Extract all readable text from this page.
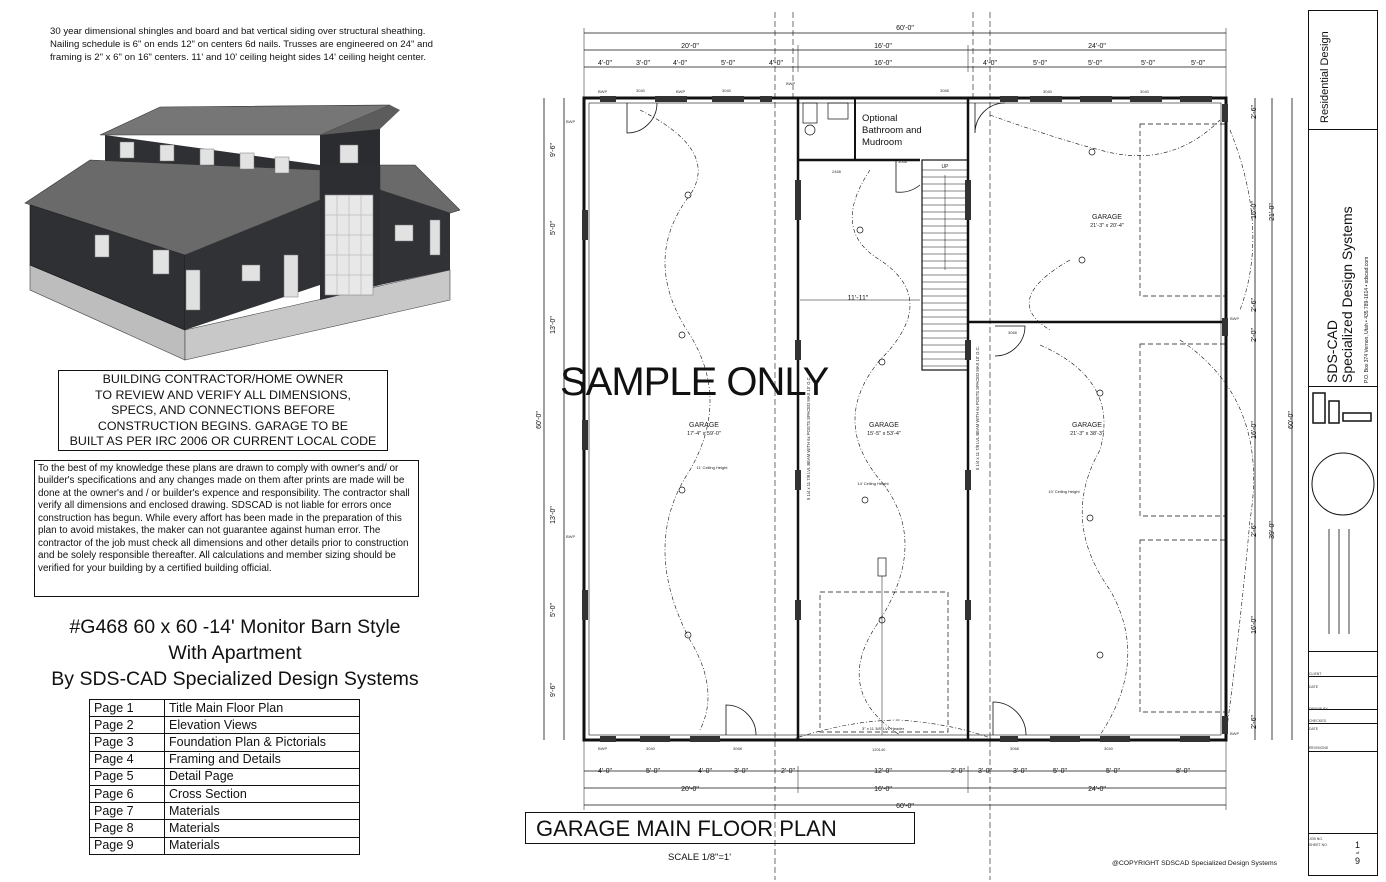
30 year dimensional shingles and board and bat vertical siding over structural sheathing. Nailing schedule is 6" on ends 12" on centers 6d nails. Trusses are engineered on 24" and framing is 2" x 6" on 16" centers. 11' and 10' ceiling height sides 14' ceiling height center.
BUILDING CONTRACTOR/HOME OWNER
TO REVIEW AND VERIFY ALL DIMENSIONS,
SPECS, AND CONNECTIONS BEFORE
CONSTRUCTION BEGINS. GARAGE TO BE
BUILT AS PER IRC 2006 OR CURRENT LOCAL CODE
To the best of my knowledge these plans are drawn to comply with owner's and/ or builder's specifications and any changes made on them after prints are made will be done at the owner's and / or builder's expence and responsibility. The contractor shall verify all dimensions and enclosed drawing. SDSCAD is not liable for errors once construction has begun. While every affort has been made in the preparation of this plan to avoid mistakes, the maker can not guarantee against human error. The contractor of the job must check all dimensions and other details prior to construction and be solely responsible thereafter. All calculations and member sizing should be verified for your building by a certified building official.
#G468 60 x 60 -14' Monitor Barn Style
With Apartment
By SDS-CAD Specialized Design Systems
Page 1	Title Main Floor Plan
Page 2	Elevation Views
Page 3	Foundation Plan & Pictorials
Page 4	Framing and Details
Page 5	Detail Page
Page 6	Cross Section
Page 7	Materials
Page 8	Materials
Page 9	Materials
60'-0"
20'-0"	16'-0"	24'-0"
4'-0"	3'-0"	4'-0"	5'-0"	4'-0"	16'-0"	4'-0"	5'-0"	5'-0"	5'-0"	5'-0"
4'-0"	5'-0"	4'-0"	3'-0"	2'-0"	12'-0"	2'-0" 3'-0"	3'-0"	5'-0"	5'-0"	8'-0"
20'-0"	16'-0"	24'-0"
60'-0"
60'-0"
9'-6"
5'-0"
13'-0"
13'-0"
5'-0"
9'-6"
2'-6"
16'-0"
2'-6"
2'-0"
16'-0"
2'-6"
16'-0"
2'-6"
21'-0"
39'-0"
60'-0"
GARAGE
17'-4" x 59'-0"
11' Ceiling Height
GARAGE
15'-5" x 53'-4"
14' Ceiling Height
GARAGE
21'-3" x 20'-4"
GARAGE
21'-3" x 38'-3"
10' Ceiling Height
11'-11"
UP
3" x 11 3/8" LVL Header
5 1/4 x 11 7/8 LVL BEAM WITH 6x POSTS SPACED MAX 10' O.C.	5 1/4 x 11 7/8 LVL BEAM WITH 6x POSTS SPACED MAX 10' O.C.
BWP	BWP
BWP
3040	3040	3068
3068
2468
3068
3040	3040
BWP
BWP
BWP
BWP	3040	3068	3068	3040
120140
BWP
Optional Bathroom and Mudroom
SAMPLE ONLY
GARAGE MAIN FLOOR PLAN
SCALE 1/8"=1'
@COPYRIGHT SDSCAD Specialized Design Systems
Residential Design
SDS-CAD Specialized Design Systems P.O. Box 374 Vernon, Utah • 435 789-1614 • sdscad.com
CLIENT
DATE
DRAWN BY
CHECKED
DATE
REVISIONS
JOB NO.
SHEET NO.	1
of
9
